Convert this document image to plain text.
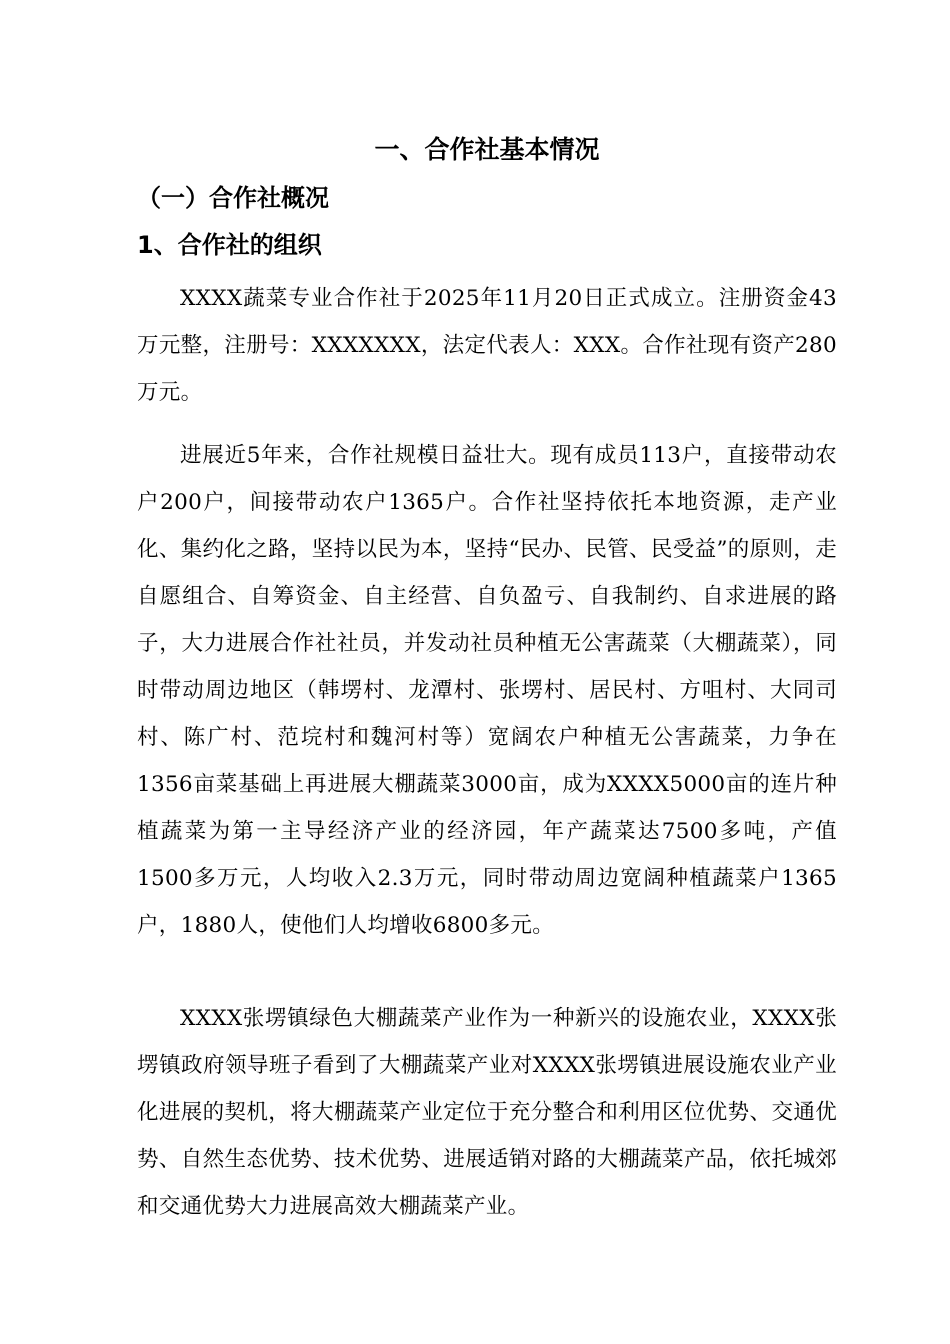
一、合作社基本情况
（一）合作社概况
1、合作社的组织

XXXX蔬菜专业合作社于2025年11月20日正式成立。注册资金43万元整，注册号：XXXXXXX，法定代表人：XXX。合作社现有资产280万元。

进展近5年来，合作社规模日益壮大。现有成员113户，直接带动农户200户，间接带动农户1365户。合作社坚持依托本地资源，走产业化、集约化之路，坚持以民为本，坚持“民办、民管、民受益”的原则，走自愿组合、自筹资金、自主经营、自负盈亏、自我制约、自求进展的路子，大力进展合作社社员，并发动社员种植无公害蔬菜（大棚蔬菜），同时带动周边地区（韩塄村、龙潭村、张塄村、居民村、方咀村、大同司村、陈广村、范垸村和魏河村等）宽阔农户种植无公害蔬菜，力争在1356亩菜基础上再进展大棚蔬菜3000亩，成为XXXX5000亩的连片种植蔬菜为第一主导经济产业的经济园，年产蔬菜达7500多吨，产值1500多万元，人均收入2.3万元，同时带动周边宽阔种植蔬菜户1365户，1880人，使他们人均增收6800多元。

XXXX张塄镇绿色大棚蔬菜产业作为一种新兴的设施农业，XXXX张塄镇政府领导班子看到了大棚蔬菜产业对XXXX张塄镇进展设施农业产业化进展的契机，将大棚蔬菜产业定位于充分整合和利用区位优势、交通优势、自然生态优势、技术优势、进展适销对路的大棚蔬菜产品，依托城郊和交通优势大力进展高效大棚蔬菜产业。
